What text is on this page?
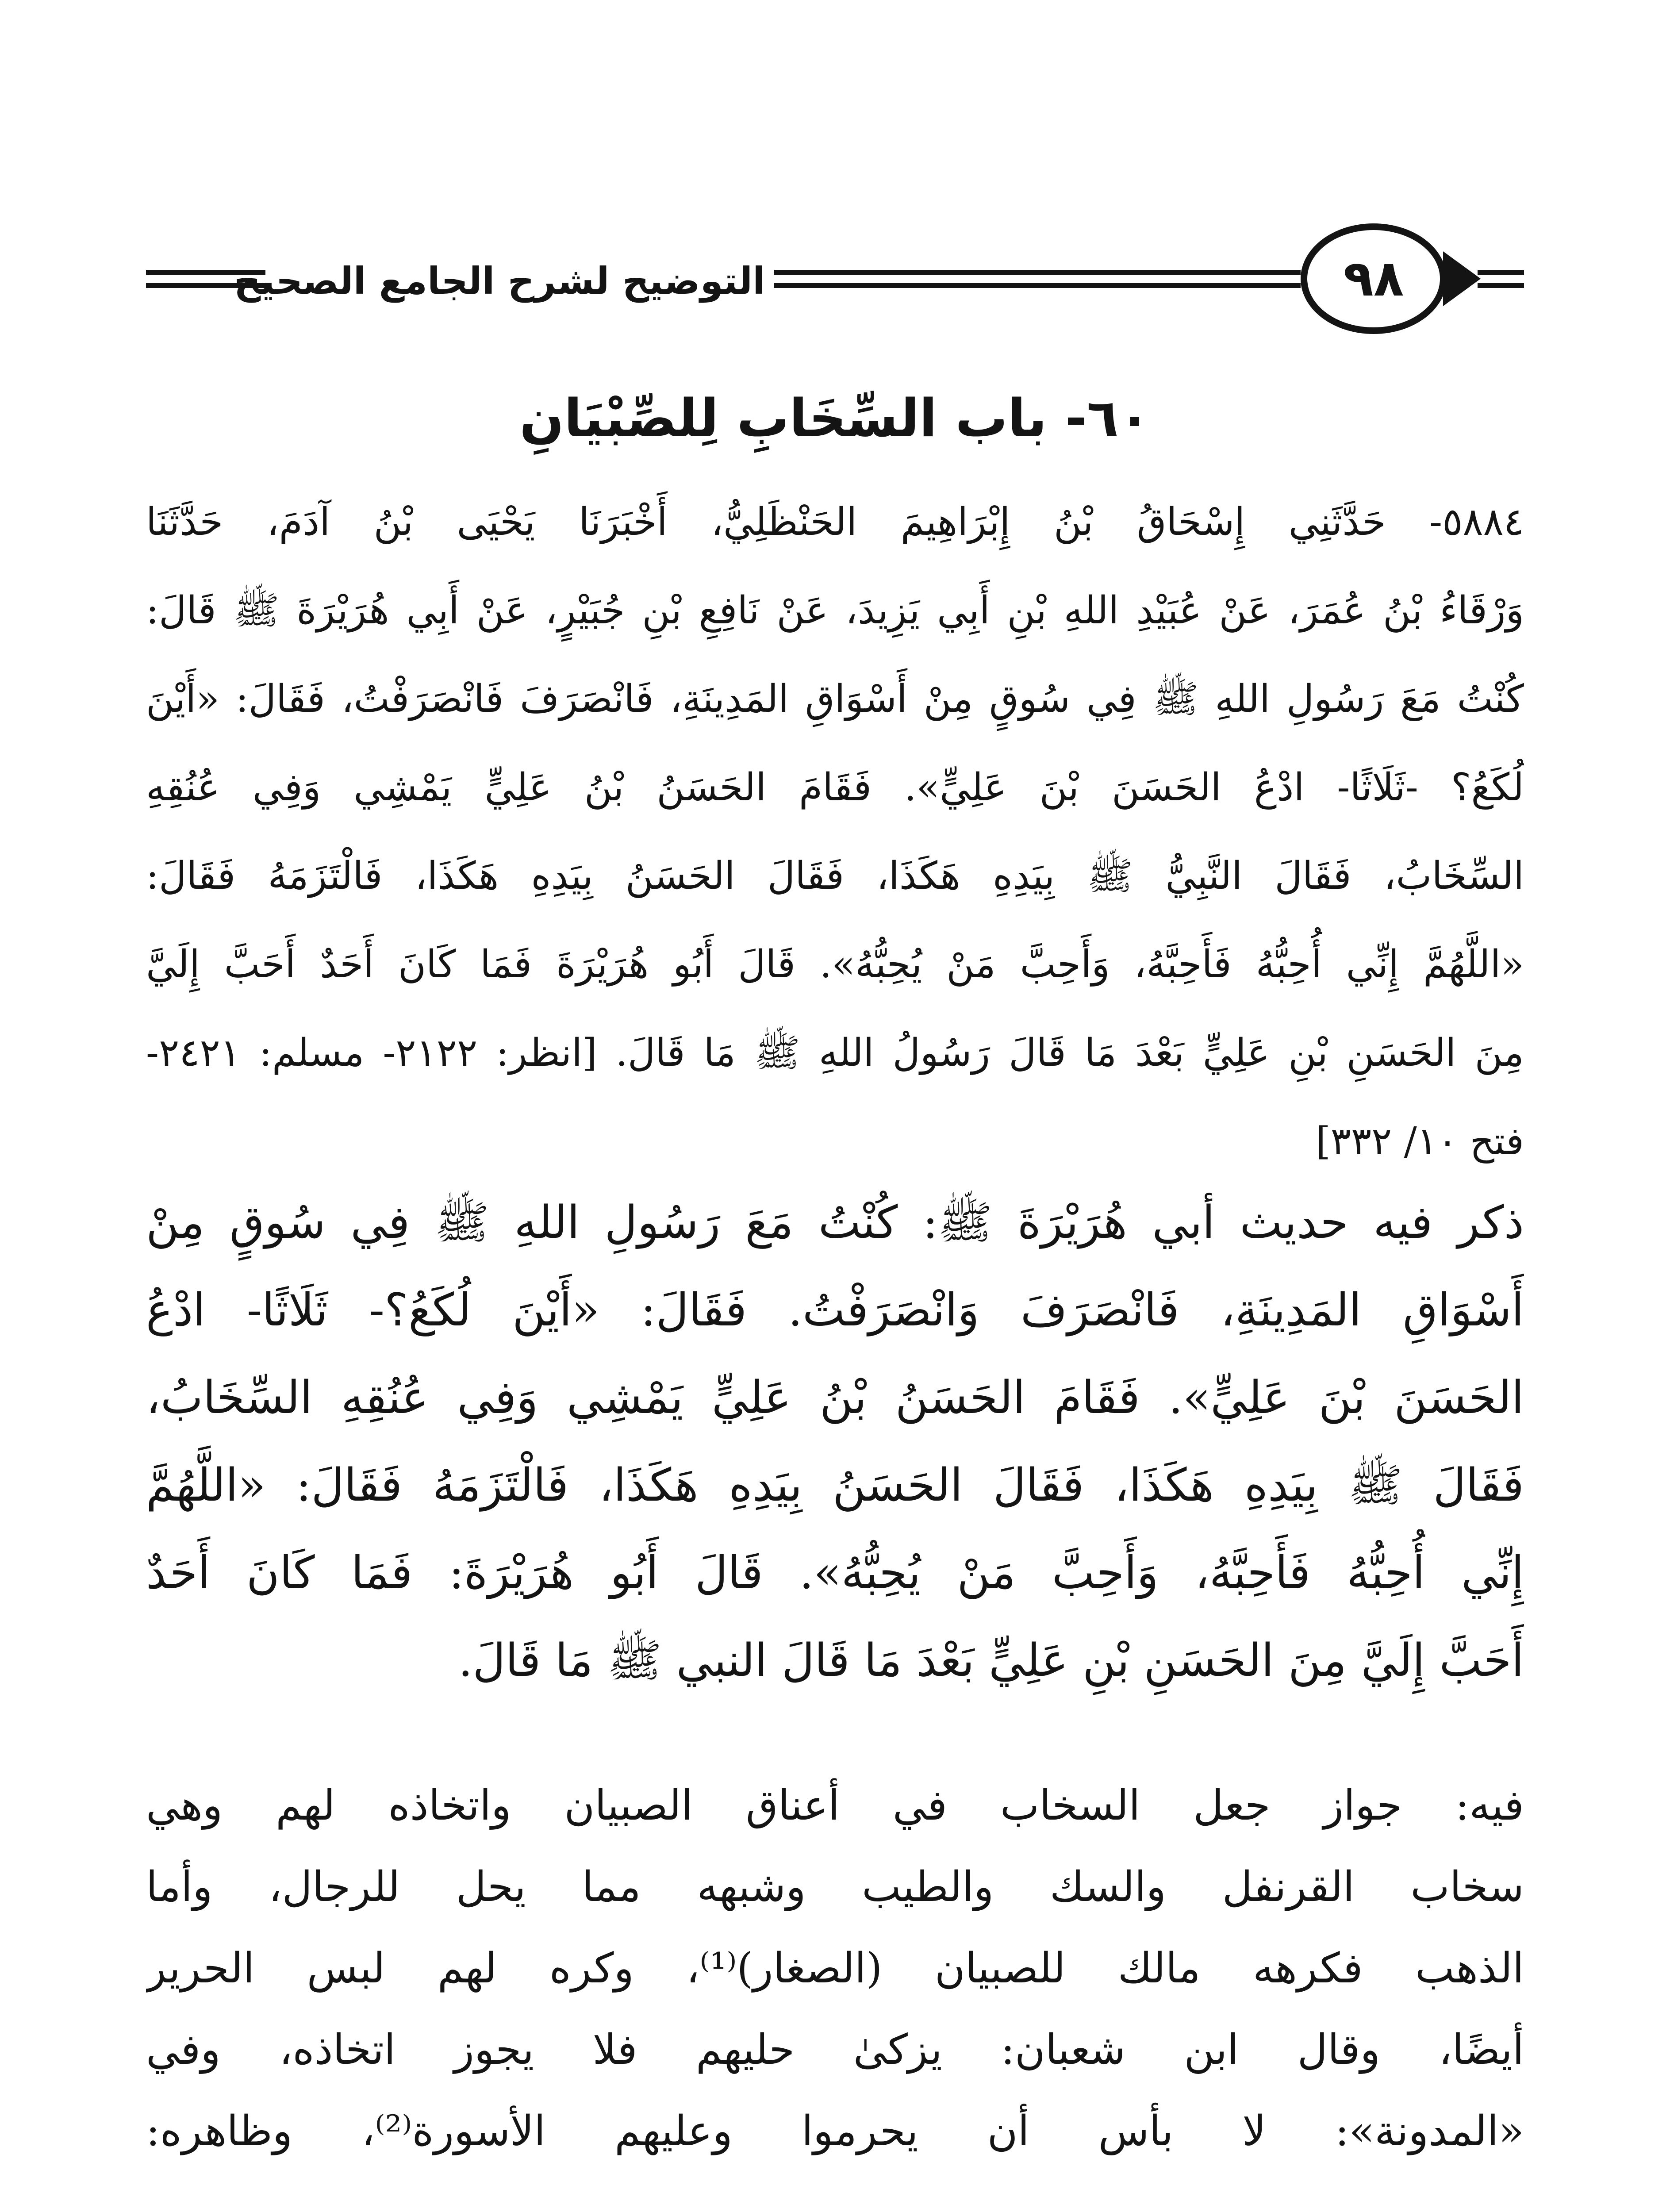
التوضيح لشرح الجامع الصحيح	٩٨
٦٠- باب السِّخَابِ لِلصِّبْيَانِ
٥٨٨٤- حَدَّثَنِي إِسْحَاقُ بْنُ إِبْرَاهِيمَ الحَنْظَلِيُّ، أَخْبَرَنَا يَحْيَى بْنُ آدَمَ، حَدَّثَنَا
وَرْقَاءُ بْنُ عُمَرَ، عَنْ عُبَيْدِ اللهِ بْنِ أَبِي يَزِيدَ، عَنْ نَافِعِ بْنِ جُبَيْرٍ، عَنْ أَبِي هُرَيْرَةَ ﷺ قَالَ:
كُنْتُ مَعَ رَسُولِ اللهِ ﷺ فِي سُوقٍ مِنْ أَسْوَاقِ المَدِينَةِ، فَانْصَرَفَ فَانْصَرَفْتُ، فَقَالَ: «أَيْنَ
لُكَعُ؟ -ثَلَاثًا- ادْعُ الحَسَنَ بْنَ عَلِيٍّ». فَقَامَ الحَسَنُ بْنُ عَلِيٍّ يَمْشِي وَفِي عُنُقِهِ
السِّخَابُ، فَقَالَ النَّبِيُّ ﷺ بِيَدِهِ هَكَذَا، فَقَالَ الحَسَنُ بِيَدِهِ هَكَذَا، فَالْتَزَمَهُ فَقَالَ:
«اللَّهُمَّ إِنِّي أُحِبُّهُ فَأَحِبَّهُ، وَأَحِبَّ مَنْ يُحِبُّهُ». قَالَ أَبُو هُرَيْرَةَ فَمَا كَانَ أَحَدٌ أَحَبَّ إِلَيَّ
مِنَ الحَسَنِ بْنِ عَلِيٍّ بَعْدَ مَا قَالَ رَسُولُ اللهِ ﷺ مَا قَالَ. [انظر: ٢١٢٢- مسلم: ٢٤٢١-
فتح ١٠/ ٣٣٢]
ذكر فيه حديث أبي هُرَيْرَةَ ﷺ: كُنْتُ مَعَ رَسُولِ اللهِ ﷺ فِي سُوقٍ مِنْ
أَسْوَاقِ المَدِينَةِ، فَانْصَرَفَ وَانْصَرَفْتُ. فَقَالَ: «أَيْنَ لُكَعُ؟- ثَلَاثًا- ادْعُ
الحَسَنَ بْنَ عَلِيٍّ». فَقَامَ الحَسَنُ بْنُ عَلِيٍّ يَمْشِي وَفِي عُنُقِهِ السِّخَابُ،
فَقَالَ ﷺ بِيَدِهِ هَكَذَا، فَقَالَ الحَسَنُ بِيَدِهِ هَكَذَا، فَالْتَزَمَهُ فَقَالَ: «اللَّهُمَّ
إِنِّي أُحِبُّهُ فَأَحِبَّهُ، وَأَحِبَّ مَنْ يُحِبُّهُ». قَالَ أَبُو هُرَيْرَةَ: فَمَا كَانَ أَحَدٌ
أَحَبَّ إِلَيَّ مِنَ الحَسَنِ بْنِ عَلِيٍّ بَعْدَ مَا قَالَ النبي ﷺ مَا قَالَ.
فيه: جواز جعل السخاب في أعناق الصبيان واتخاذه لهم وهي
سخاب القرنفل والسك والطيب وشبهه مما يحل للرجال، وأما
الذهب فكرهه مالك للصبيان (الصغار)⁽¹⁾، وكره لهم لبس الحرير
أيضًا، وقال ابن شعبان: يزكىٰ حليهم فلا يجوز اتخاذه، وفي
«المدونة»: لا بأس أن يحرموا وعليهم الأسورة⁽²⁾، وظاهره:
